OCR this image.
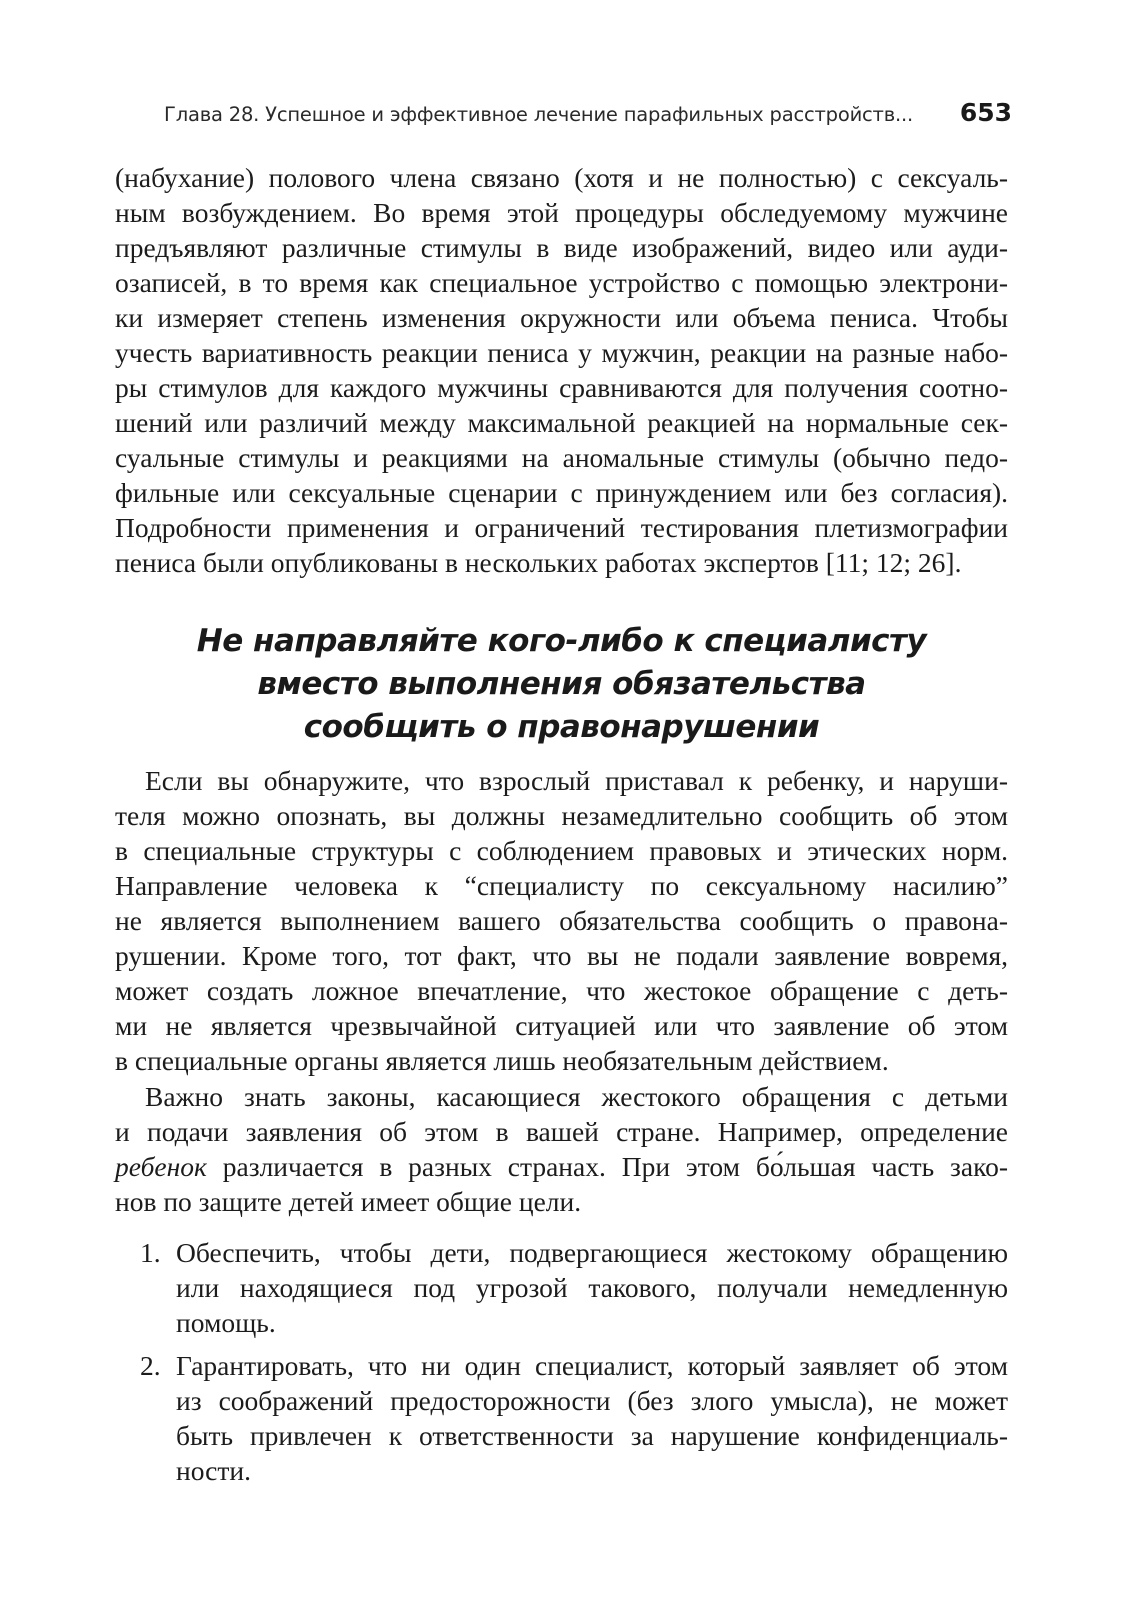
Глава 28. Успешное и эффективное лечение парафильных расстройств... 653
(набухание) полового члена связано (хотя и не полностью) с сексуаль-
ным возбуждением. Во время этой процедуры обследуемому мужчине
предъявляют различные стимулы в виде изображений, видео или ауди-
озаписей, в то время как специальное устройство с помощью электрони-
ки измеряет степень изменения окружности или объема пениса. Чтобы
учесть вариативность реакции пениса у мужчин, реакции на разные набо-
ры стимулов для каждого мужчины сравниваются для получения соотно-
шений или различий между максимальной реакцией на нормальные сек-
суальные стимулы и реакциями на аномальные стимулы (обычно педо-
фильные или сексуальные сценарии с принуждением или без согласия).
Подробности применения и ограничений тестирования плетизмографии
пениса были опубликованы в нескольких работах экспертов [11; 12; 26].
Не направляйте кого-либо к специалисту
вместо выполнения обязательства
сообщить о правонарушении
Если вы обнаружите, что взрослый приставал к ребенку, и наруши-
теля можно опознать, вы должны незамедлительно сообщить об этом
в специальные структуры с соблюдением правовых и этических норм.
Направление человека к “специалисту по сексуальному насилию”
не является выполнением вашего обязательства сообщить о правона-
рушении. Кроме того, тот факт, что вы не подали заявление вовремя,
может создать ложное впечатление, что жестокое обращение с деть-
ми не является чрезвычайной ситуацией или что заявление об этом
в специальные органы является лишь необязательным действием.
Важно знать законы, касающиеся жестокого обращения с детьми
и подачи заявления об этом в вашей стране. Например, определение
ребенок различается в разных странах. При этом бо́льшая часть зако-
нов по защите детей имеет общие цели.
1. Обеспечить, чтобы дети, подвергающиеся жестокому обращению
или находящиеся под угрозой такового, получали немедленную
помощь.
2. Гарантировать, что ни один специалист, который заявляет об этом
из соображений предосторожности (без злого умысла), не может
быть привлечен к ответственности за нарушение конфиденциаль-
ности.
